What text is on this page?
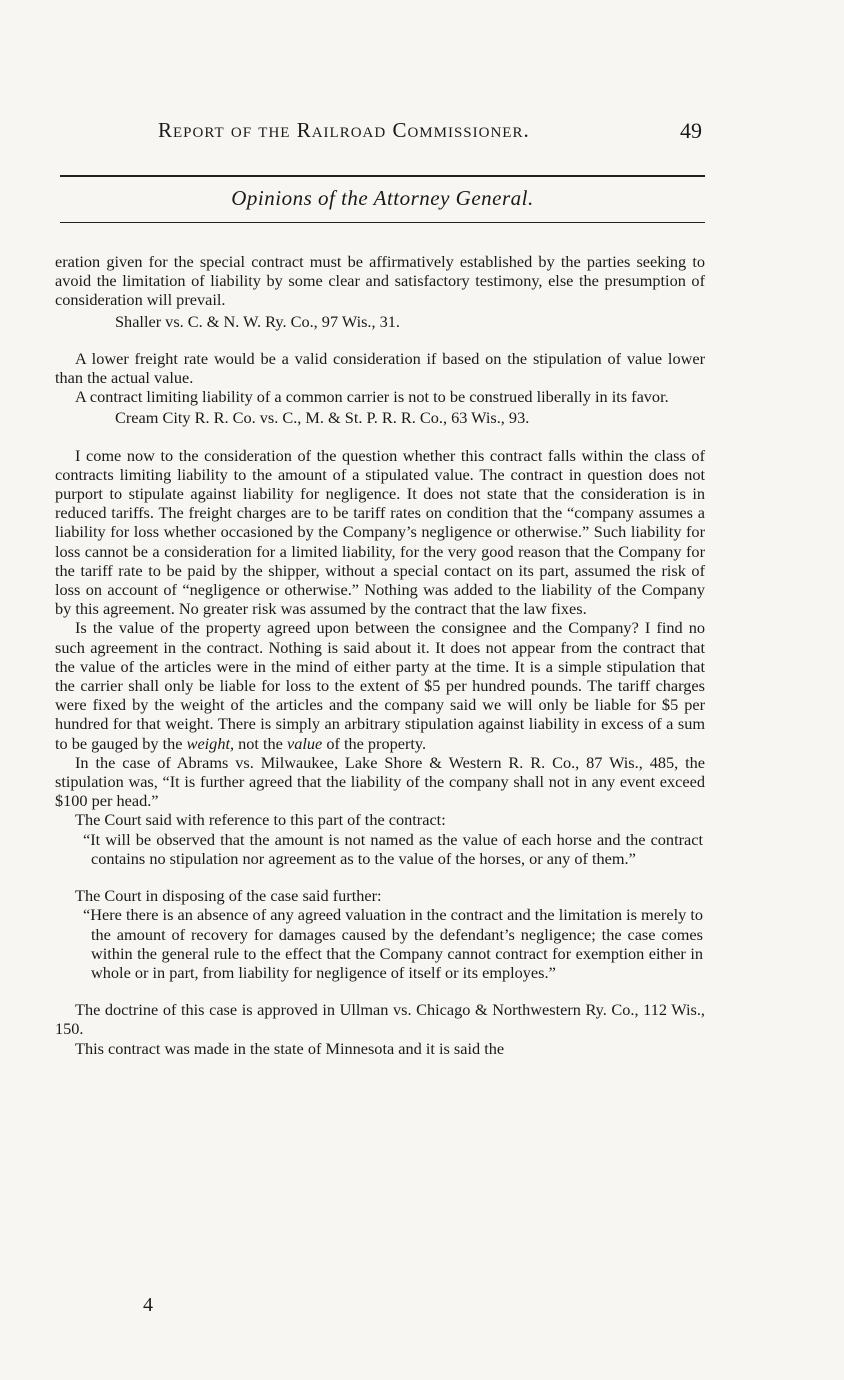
Report of the Railroad Commissioner.	49
Opinions of the Attorney General.

eration given for the special contract must be affirmatively established by the parties seeking to avoid the limitation of liability by some clear and satisfactory testimony, else the presumption of consideration will prevail.

Shaller vs. C. & N. W. Ry. Co., 97 Wis., 31.

A lower freight rate would be a valid consideration if based on the stipulation of value lower than the actual value.

A contract limiting liability of a common carrier is not to be construed liberally in its favor.

Cream City R. R. Co. vs. C., M. & St. P. R. R. Co., 63 Wis., 93.

I come now to the consideration of the question whether this contract falls within the class of contracts limiting liability to the amount of a stipulated value. The contract in question does not purport to stipulate against liability for negligence. It does not state that the consideration is in reduced tariffs. The freight charges are to be tariff rates on condition that the “company assumes a liability for loss whether occasioned by the Company’s negligence or otherwise.” Such liability for loss cannot be a consideration for a limited liability, for the very good reason that the Company for the tariff rate to be paid by the shipper, without a special contact on its part, assumed the risk of loss on account of “negligence or otherwise.” Nothing was added to the liability of the Company by this agreement. No greater risk was assumed by the contract that the law fixes.

Is the value of the property agreed upon between the consignee and the Company? I find no such agreement in the contract. Nothing is said about it. It does not appear from the contract that the value of the articles were in the mind of either party at the time. It is a simple stipulation that the carrier shall only be liable for loss to the extent of $5 per hundred pounds. The tariff charges were fixed by the weight of the articles and the company said we will only be liable for $5 per hundred for that weight. There is simply an arbitrary stipulation against liability in excess of a sum to be gauged by the weight, not the value of the property.

In the case of Abrams vs. Milwaukee, Lake Shore & Western R. R. Co., 87 Wis., 485, the stipulation was, “It is further agreed that the liability of the company shall not in any event exceed $100 per head.”

The Court said with reference to this part of the contract:

“It will be observed that the amount is not named as the value of each horse and the contract contains no stipulation nor agreement as to the value of the horses, or any of them.”

The Court in disposing of the case said further:

“Here there is an absence of any agreed valuation in the contract and the limitation is merely to the amount of recovery for damages caused by the defendant’s negligence; the case comes within the general rule to the effect that the Company cannot contract for exemption either in whole or in part, from liability for negligence of itself or its employes.”

The doctrine of this case is approved in Ullman vs. Chicago & Northwestern Ry. Co., 112 Wis., 150.

This contract was made in the state of Minnesota and it is said the

4
